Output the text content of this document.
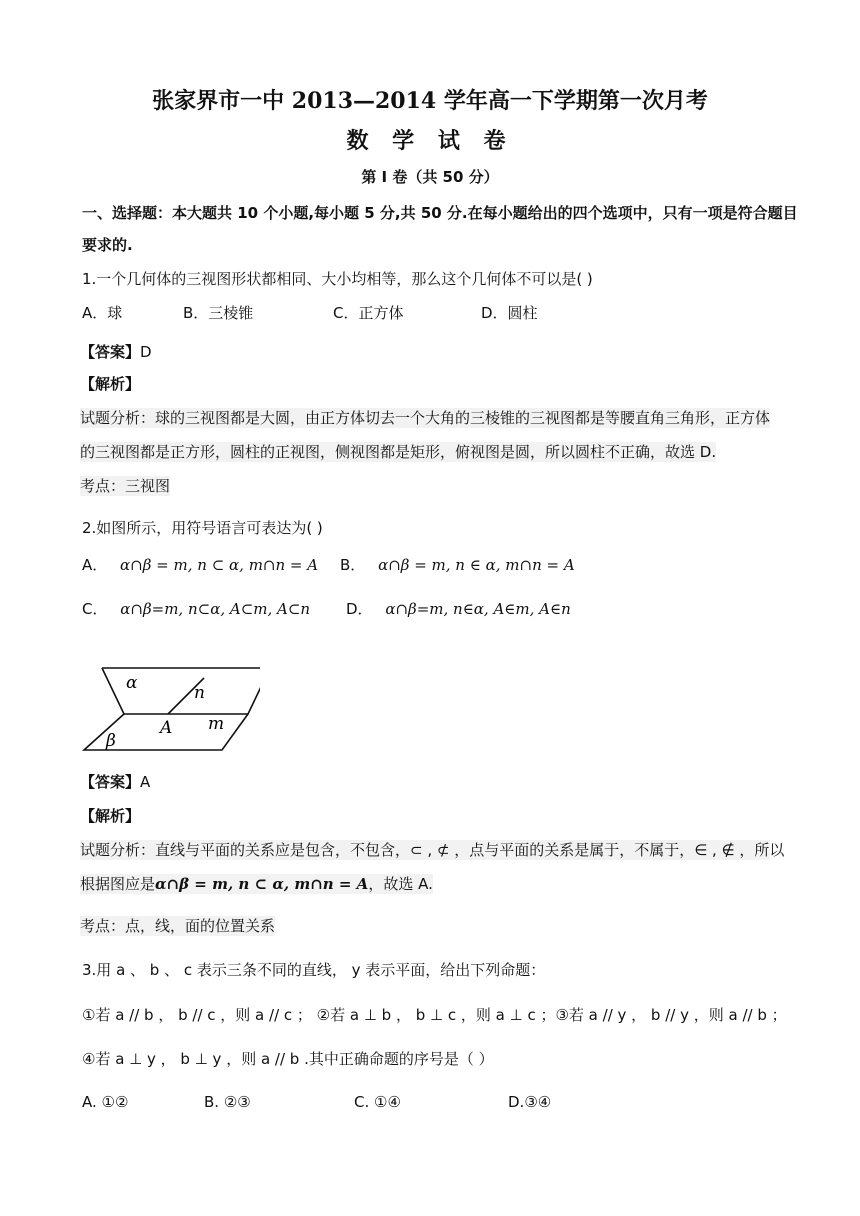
张家界市一中 2013—2014 学年高一下学期第一次月考
数 学 试 卷
第 I 卷（共 50 分）
一、选择题：本大题共 10 个小题,每小题 5 分,共 50 分.在每小题给出的四个选项中，只有一项是符合题目
要求的.
1.一个几何体的三视图形状都相同、大小均相等，那么这个几何体不可以是( )
A．球	B．三棱锥	C．正方体	D．圆柱
【答案】D
【解析】
试题分析：球的三视图都是大圆，由正方体切去一个大角的三棱锥的三视图都是等腰直角三角形，正方体
的三视图都是正方形，圆柱的正视图，侧视图都是矩形，俯视图是圆，所以圆柱不正确，故选 D.
考点：三视图
2.如图所示，用符号语言可表达为( )
A． α∩β = m, n ⊂ α, m∩n = A B． α∩β = m, n ∈ α, m∩n = A
C． α∩β=m, n⊂α, A⊂m, A⊂n D． α∩β=m, n∈α, A∈m, A∈n
α	n
A m
β
【答案】A
【解析】
试题分析：直线与平面的关系应是包含，不包含，⊂ , ⊄ ，点与平面的关系是属于，不属于，∈ , ∉ ，所以
根据图应是α∩β = m, n ⊂ α, m∩n = A，故选 A.
考点：点，线，面的位置关系
3.用 a 、 b 、 c 表示三条不同的直线， y 表示平面，给出下列命题：
①若 a // b ， b // c ，则 a // c ； ②若 a ⊥ b ， b ⊥ c ，则 a ⊥ c ；③若 a // y ， b // y ，则 a // b ；
④若 a ⊥ y ， b ⊥ y ，则 a // b .其中正确命题的序号是（ ）
A. ①②	B. ②③	C. ①④	D.③④
